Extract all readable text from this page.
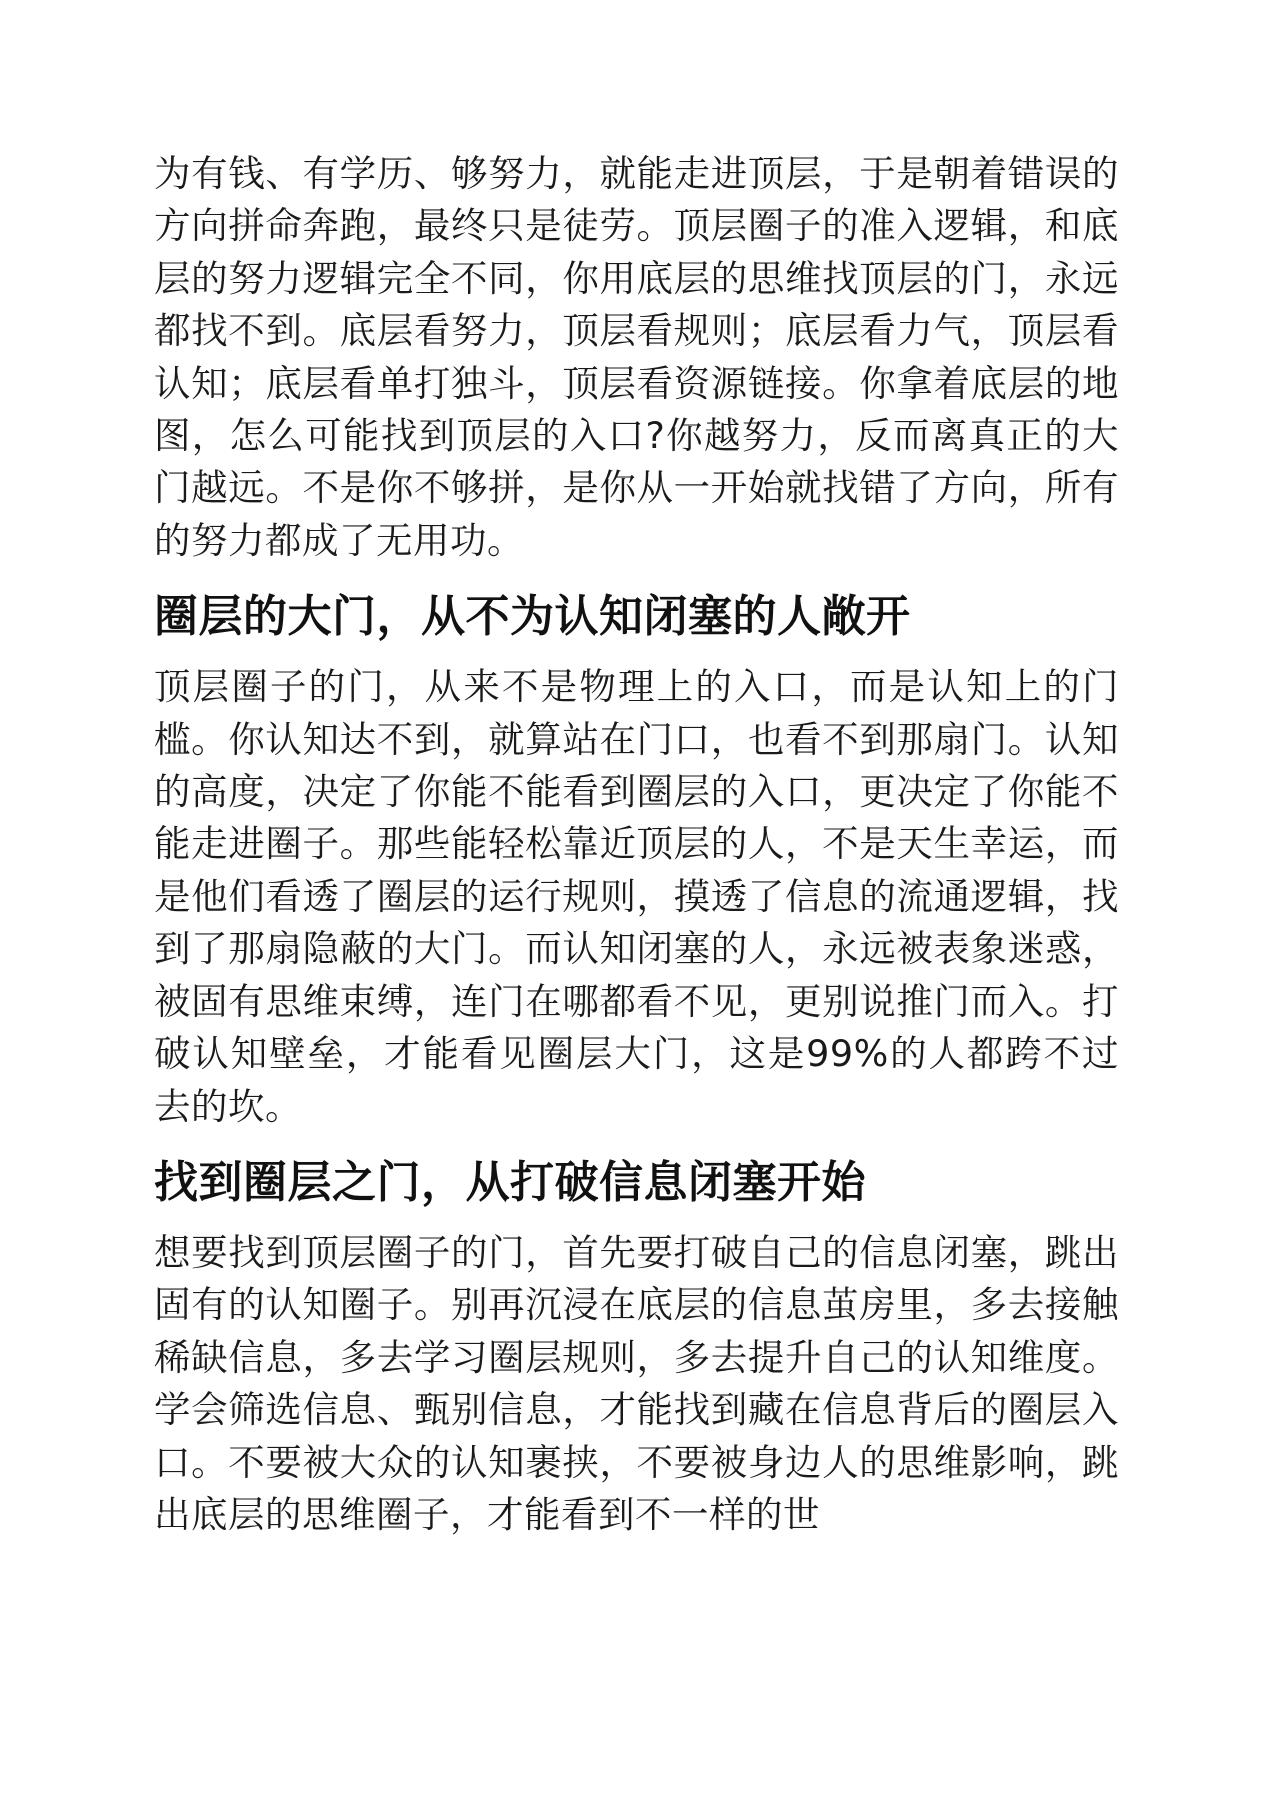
为有钱、有学历、够努力，就能走进顶层，于是朝着错误的方向拼命奔跑，最终只是徒劳。顶层圈子的准入逻辑，和底层的努力逻辑完全不同，你用底层的思维找顶层的门，永远都找不到。底层看努力，顶层看规则；底层看力气，顶层看认知；底层看单打独斗，顶层看资源链接。你拿着底层的地图，怎么可能找到顶层的入口?你越努力，反而离真正的大门越远。不是你不够拼，是你从一开始就找错了方向，所有的努力都成了无用功。

圈层的大门，从不为认知闭塞的人敞开

顶层圈子的门，从来不是物理上的入口，而是认知上的门槛。你认知达不到，就算站在门口，也看不到那扇门。认知的高度，决定了你能不能看到圈层的入口，更决定了你能不能走进圈子。那些能轻松靠近顶层的人，不是天生幸运，而是他们看透了圈层的运行规则，摸透了信息的流通逻辑，找到了那扇隐蔽的大门。而认知闭塞的人，永远被表象迷惑，被固有思维束缚，连门在哪都看不见，更别说推门而入。打破认知壁垒，才能看见圈层大门，这是99%的人都跨不过去的坎。

找到圈层之门，从打破信息闭塞开始

想要找到顶层圈子的门，首先要打破自己的信息闭塞，跳出固有的认知圈子。别再沉浸在底层的信息茧房里，多去接触稀缺信息，多去学习圈层规则，多去提升自己的认知维度。学会筛选信息、甄别信息，才能找到藏在信息背后的圈层入口。不要被大众的认知裹挟，不要被身边人的思维影响，跳出底层的思维圈子，才能看到不一样的世
